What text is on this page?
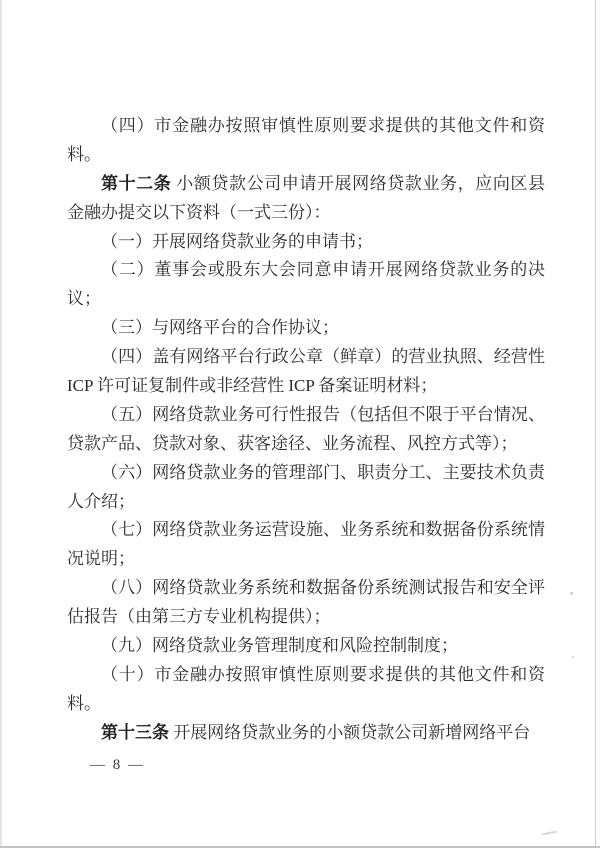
（四）市金融办按照审慎性原则要求提供的其他文件和资
料。
第十二条 小额贷款公司申请开展网络贷款业务，应向区县
金融办提交以下资料（一式三份）：
（一）开展网络贷款业务的申请书；
（二）董事会或股东大会同意申请开展网络贷款业务的决
议；
（三）与网络平台的合作协议；
（四）盖有网络平台行政公章（鲜章）的营业执照、经营性
ICP 许可证复制件或非经营性 ICP 备案证明材料；
（五）网络贷款业务可行性报告（包括但不限于平台情况、
贷款产品、贷款对象、获客途径、业务流程、风控方式等）；
（六）网络贷款业务的管理部门、职责分工、主要技术负责
人介绍；
（七）网络贷款业务运营设施、业务系统和数据备份系统情
况说明；
（八）网络贷款业务系统和数据备份系统测试报告和安全评
估报告（由第三方专业机构提供）；
（九）网络贷款业务管理制度和风险控制制度；
（十）市金融办按照审慎性原则要求提供的其他文件和资
料。
第十三条 开展网络贷款业务的小额贷款公司新增网络平台
— 8 —
